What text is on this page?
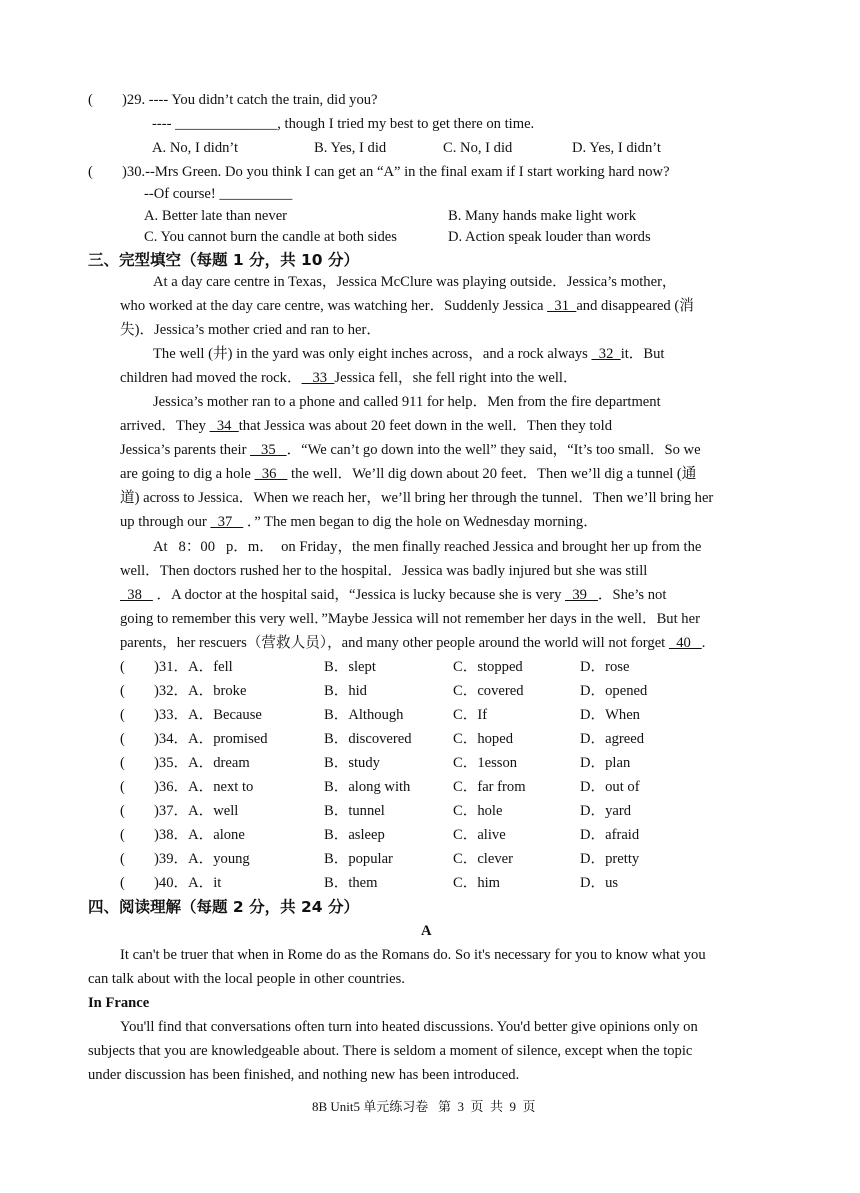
(        )29. ---- You didn’t catch the train, did you?
---- ______________, though I tried my best to get there on time.
A. No, I didn’t	B. Yes, I did	C. No, I did	D. Yes, I didn’t
(        )30.--Mrs Green. Do you think I can get an “A” in the final exam if I start working hard now?
--Of course! __________
A. Better late than never	B. Many hands make light work
C. You cannot burn the candle at both sides	D. Action speak louder than words
三、完型填空（每题 1 分，共 10 分）
At a day care centre in Texas，Jessica McClure was playing outside．Jessica’s mother，
who worked at the day care centre, was watching her．Suddenly Jessica   31  and disappeared (消
失)．Jessica’s mother cried and ran to her．
The well (井) in the yard was only eight inches across，and a rock always   32  it．But
children had moved the rock．   33  Jessica fell，she fell right into the well．
Jessica’s mother ran to a phone and called 911 for help．Men from the fire department
arrived．They   34  that Jessica was about 20 feet down in the well．Then they told
Jessica’s parents their    35   ．“We can’t go down into the well” they said，“It’s too small．So we
are going to dig a hole   36    the well．We’ll dig down about 20 feet．Then we’ll dig a tunnel (通
道) across to Jessica．When we reach her，we’ll bring her through the tunnel．Then we’ll bring her
up through our   37    ．” The men began to dig the hole on Wednesday morning．
At   8：00   p．m．  on Friday，the men finally reached Jessica and brought her up from the
well．Then doctors rushed her to the hospital．Jessica was badly injured but she was still
38    ．A doctor at the hospital said，“Jessica is lucky because she is very   39   ．She’s not
going to remember this very well．”Maybe Jessica will not remember her days in the well．But her
parents，her rescuers（营救人员），and many other people around the world will not forget   40   .
(        )31．A．fell	B．slept	C．stopped	D．rose
(        )32．A．broke	B．hid	C．covered	D．opened
(        )33．A．Because	B．Although	C．If	D．When
(        )34．A．promised	B．discovered	C．hoped	D．agreed
(        )35．A．dream	B．study	C．1esson	D．plan
(        )36．A．next to	B．along with	C．far from	D．out of
(        )37．A．well	B．tunnel	C．hole	D．yard
(        )38．A．alone	B．asleep	C．alive	D．afraid
(        )39．A．young	B．popular	C．clever	D．pretty
(        )40．A．it	B．them	C．him	D．us
四、阅读理解（每题 2 分，共 24 分）
A
It can't be truer that when in Rome do as the Romans do. So it's necessary for you to know what you
can talk about with the local people in other countries.
In France
You'll find that conversations often turn into heated discussions. You'd better give opinions only on
subjects that you are knowledgeable about. There is seldom a moment of silence, except when the topic
under discussion has been finished, and nothing new has been introduced.
8B Unit5 单元练习卷   第  3  页  共  9  页
